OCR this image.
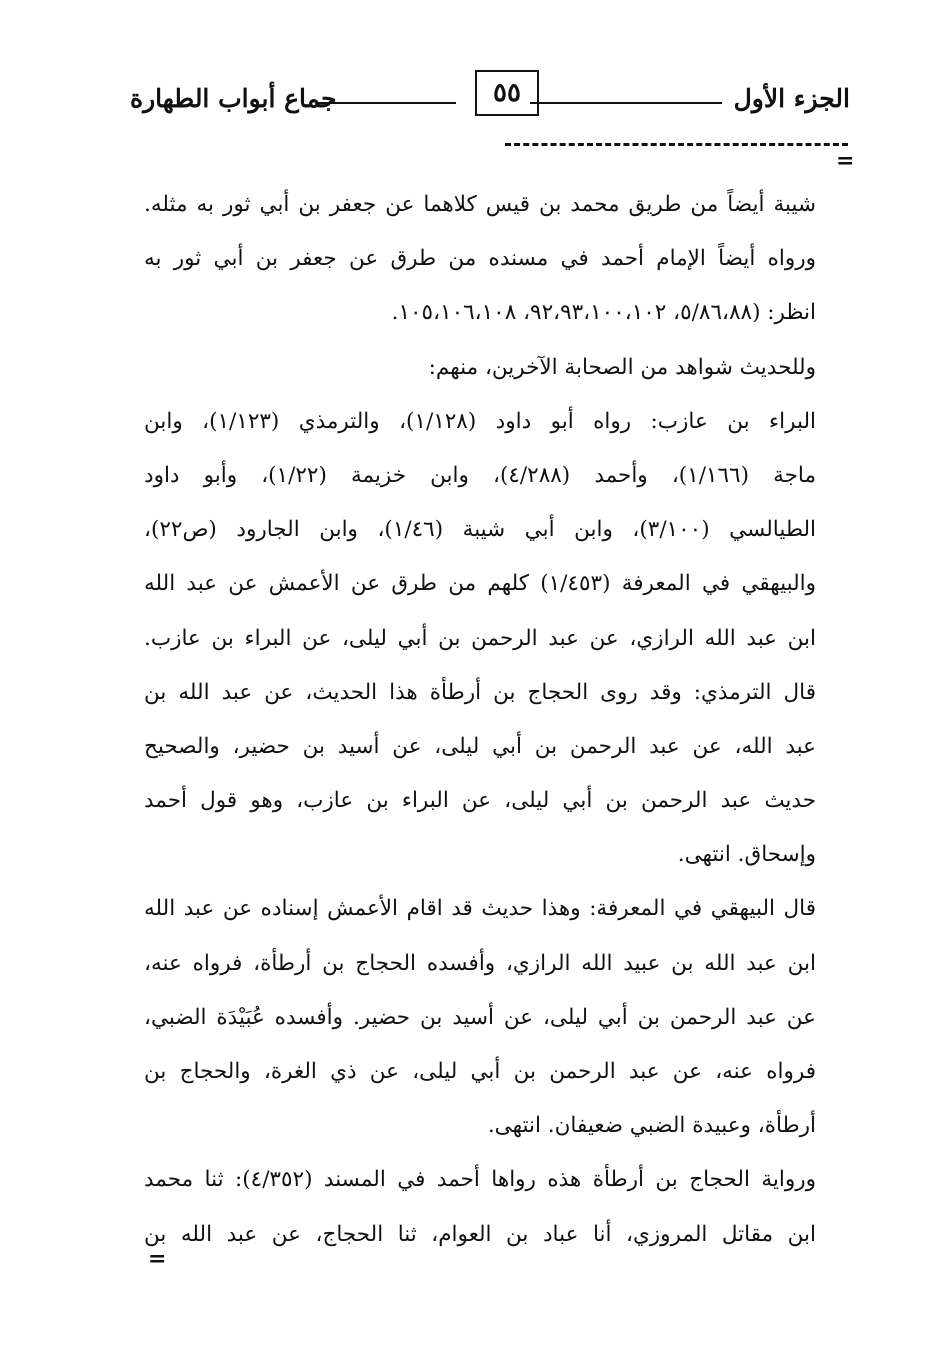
الجزء الأول
٥٥
جماع أبواب الطهارة
=
شيبة أيضاً من طريق محمد بن قيس كلاهما عن جعفر بن أبي ثور به مثله.
ورواه أيضاً الإمام أحمد في مسنده من طرق عن جعفر بن أبي ثور به
انظر: (٥/٨٦،٨٨، ٩٢،٩٣،١٠٠،١٠٢، ١٠٥،١٠٦،١٠٨.
وللحديث شواهد من الصحابة الآخرين، منهم:
البراء بن عازب: رواه أبو داود (١/١٢٨)، والترمذي (١/١٢٣)، وابن
ماجة (١/١٦٦)، وأحمد (٤/٢٨٨)، وابن خزيمة (١/٢٢)، وأبو داود
الطيالسي (٣/١٠٠)، وابن أبي شيبة (١/٤٦)، وابن الجارود (ص٢٢)،
والبيهقي في المعرفة (١/٤٥٣) كلهم من طرق عن الأعمش عن عبد الله
ابن عبد الله الرازي، عن عبد الرحمن بن أبي ليلى، عن البراء بن عازب.
قال الترمذي: وقد روى الحجاج بن أرطأة هذا الحديث، عن عبد الله بن
عبد الله، عن عبد الرحمن بن أبي ليلى، عن أسيد بن حضير، والصحيح
حديث عبد الرحمن بن أبي ليلى، عن البراء بن عازب، وهو قول أحمد
وإسحاق. انتهى.
قال البيهقي في المعرفة: وهذا حديث قد اقام الأعمش إسناده عن عبد الله
ابن عبد الله بن عبيد الله الرازي، وأفسده الحجاج بن أرطأة، فرواه عنه،
عن عبد الرحمن بن أبي ليلى، عن أسيد بن حضير. وأفسده عُبَيْدَة الضبي،
فرواه عنه، عن عبد الرحمن بن أبي ليلى، عن ذي الغرة، والحجاج بن
أرطأة، وعبيدة الضبي ضعيفان. انتهى.
ورواية الحجاج بن أرطأة هذه رواها أحمد في المسند (٤/٣٥٢): ثنا محمد
ابن مقاتل المروزي، أنا عباد بن العوام، ثنا الحجاج، عن عبد الله بن
=
